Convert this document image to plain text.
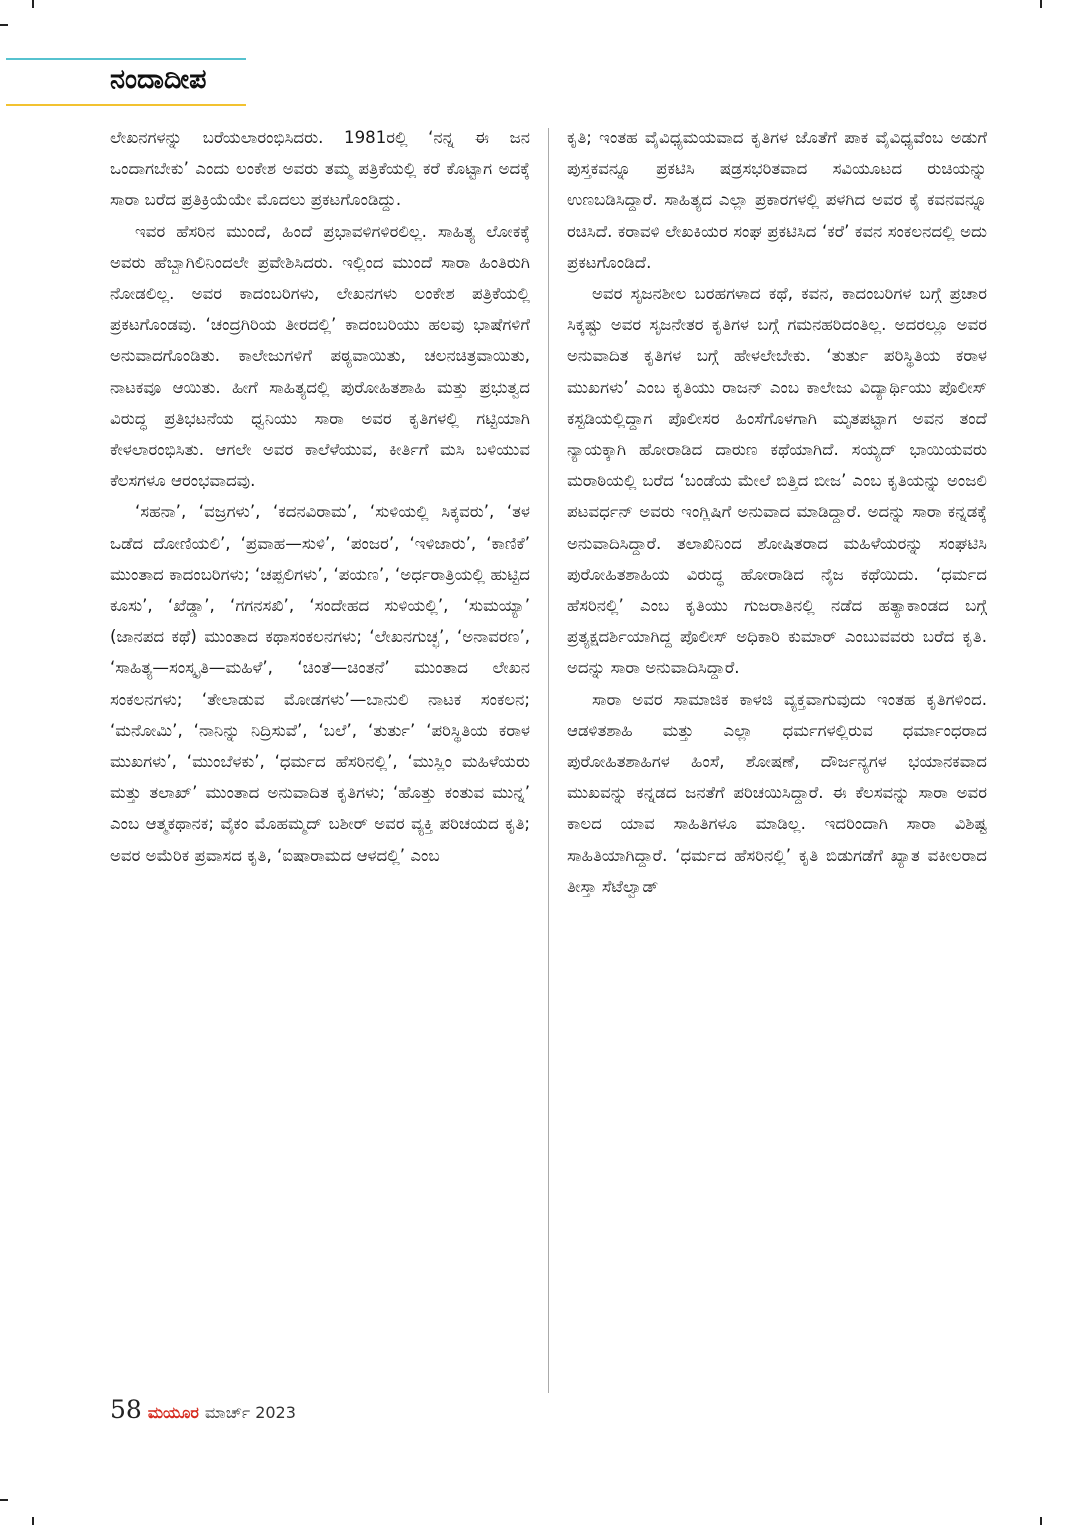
ನಂದಾದೀಪ

ಲೇಖನಗಳನ್ನು ಬರೆಯಲಾರಂಭಿಸಿದರು. 1981ರಲ್ಲಿ ‘ನನ್ನ ಈ ಜನ ಒಂದಾಗಬೇಕು’ ಎಂದು ಲಂಕೇಶ ಅವರು ತಮ್ಮ ಪತ್ರಿಕೆಯಲ್ಲಿ ಕರೆ ಕೊಟ್ಟಾಗ ಅದಕ್ಕೆ ಸಾರಾ ಬರೆದ ಪ್ರತಿಕ್ರಿಯೆಯೇ ಮೊದಲು ಪ್ರಕಟಗೊಂಡಿದ್ದು.

ಇವರ ಹೆಸರಿನ ಮುಂದೆ, ಹಿಂದೆ ಪ್ರಭಾವಳಿಗಳಿರಲಿಲ್ಲ. ಸಾಹಿತ್ಯ ಲೋಕಕ್ಕೆ ಅವರು ಹೆಬ್ಬಾಗಿಲಿನಿಂದಲೇ ಪ್ರವೇಶಿಸಿದರು. ಇಲ್ಲಿಂದ ಮುಂದೆ ಸಾರಾ ಹಿಂತಿರುಗಿ ನೋಡಲಿಲ್ಲ. ಅವರ ಕಾದಂಬರಿಗಳು, ಲೇಖನಗಳು ಲಂಕೇಶ ಪತ್ರಿಕೆಯಲ್ಲಿ ಪ್ರಕಟಗೊಂಡವು. ‘ಚಂದ್ರಗಿರಿಯ ತೀರದಲ್ಲಿ’ ಕಾದಂಬರಿಯು ಹಲವು ಭಾಷೆಗಳಿಗೆ ಅನುವಾದಗೊಂಡಿತು. ಕಾಲೇಜುಗಳಿಗೆ ಪಠ್ಯವಾಯಿತು, ಚಲನಚಿತ್ರವಾಯಿತು, ನಾಟಕವೂ ಆಯಿತು. ಹೀಗೆ ಸಾಹಿತ್ಯದಲ್ಲಿ ಪುರೋಹಿತಶಾಹಿ ಮತ್ತು ಪ್ರಭುತ್ವದ ವಿರುದ್ಧ ಪ್ರತಿಭಟನೆಯ ಧ್ವನಿಯು ಸಾರಾ ಅವರ ಕೃತಿಗಳಲ್ಲಿ ಗಟ್ಟಿಯಾಗಿ ಕೇಳಲಾರಂಭಿಸಿತು. ಆಗಲೇ ಅವರ ಕಾಲೆಳೆಯುವ, ಕೀರ್ತಿಗೆ ಮಸಿ ಬಳಿಯುವ ಕೆಲಸಗಳೂ ಆರಂಭವಾದವು.

‘ಸಹನಾ’, ‘ವಜ್ರಗಳು’, ‘ಕದನವಿರಾಮ’, ‘ಸುಳಿಯಲ್ಲಿ ಸಿಕ್ಕವರು’, ‘ತಳ ಒಡೆದ ದೋಣಿಯಲಿ’, ‘ಪ್ರವಾಹ—ಸುಳಿ’, ‘ಪಂಜರ’, ‘ಇಳಿಜಾರು’, ‘ಕಾಣಿಕೆ’ ಮುಂತಾದ ಕಾದಂಬರಿಗಳು; ‘ಚಪ್ಪಲಿಗಳು’, ‘ಪಯಣ’, ‘ಅರ್ಧರಾತ್ರಿಯಲ್ಲಿ ಹುಟ್ಟಿದ ಕೂಸು’, ‘ಖೆಡ್ಡಾ’, ‘ಗಗನಸಖಿ’, ‘ಸಂದೇಹದ ಸುಳಿಯಲ್ಲಿ’, ‘ಸುಮಯ್ಯಾ’ (ಜಾನಪದ ಕಥೆ) ಮುಂತಾದ ಕಥಾಸಂಕಲನಗಳು; ‘ಲೇಖನಗುಚ್ಛ’, ‘ಅನಾವರಣ’, ‘ಸಾಹಿತ್ಯ—ಸಂಸ್ಕೃತಿ—ಮಹಿಳೆ’, ‘ಚಿಂತೆ—ಚಿಂತನೆ’ ಮುಂತಾದ ಲೇಖನ ಸಂಕಲನಗಳು; ‘ತೇಲಾಡುವ ಮೋಡಗಳು’—ಬಾನುಲಿ ನಾಟಕ ಸಂಕಲನ; ‘ಮನೋಮಿ’, ‘ನಾನಿನ್ನು ನಿದ್ರಿಸುವೆ’, ‘ಬಲೆ’, ‘ತುರ್ತು’ ‘ಪರಿಸ್ಥಿತಿಯ ಕರಾಳ ಮುಖಗಳು’, ‘ಮುಂಬೆಳಕು’, ‘ಧರ್ಮದ ಹೆಸರಿನಲ್ಲಿ’, ‘ಮುಸ್ಲಿಂ ಮಹಿಳೆಯರು ಮತ್ತು ತಲಾಖ್’ ಮುಂತಾದ ಅನುವಾದಿತ ಕೃತಿಗಳು; ‘ಹೊತ್ತು ಕಂತುವ ಮುನ್ನ’ ಎಂಬ ಆತ್ಮಕಥಾನಕ; ವೈಕಂ ಮೊಹಮ್ಮದ್ ಬಶೀರ್ ಅವರ ವ್ಯಕ್ತಿ ಪರಿಚಯದ ಕೃತಿ; ಅವರ ಅಮೆರಿಕ ಪ್ರವಾಸದ ಕೃತಿ, ‘ಐಷಾರಾಮದ ಆಳದಲ್ಲಿ’ ಎಂಬ

ಕೃತಿ; ಇಂತಹ ವೈವಿಧ್ಯಮಯವಾದ ಕೃತಿಗಳ ಜೊತೆಗೆ ಪಾಕ ವೈವಿಧ್ಯವೆಂಬ ಅಡುಗೆ ಪುಸ್ತಕವನ್ನೂ ಪ್ರಕಟಿಸಿ ಷಡ್ರಸಭರಿತವಾದ ಸವಿಯೂಟದ ರುಚಿಯನ್ನು ಉಣಬಡಿಸಿದ್ದಾರೆ. ಸಾಹಿತ್ಯದ ಎಲ್ಲಾ ಪ್ರಕಾರಗಳಲ್ಲಿ ಪಳಗಿದ ಅವರ ಕೈ ಕವನವನ್ನೂ ರಚಿಸಿದೆ. ಕರಾವಳಿ ಲೇಖಕಿಯರ ಸಂಘ ಪ್ರಕಟಿಸಿದ ‘ಕರೆ’ ಕವನ ಸಂಕಲನದಲ್ಲಿ ಅದು ಪ್ರಕಟಗೊಂಡಿದೆ.

ಅವರ ಸೃಜನಶೀಲ ಬರಹಗಳಾದ ಕಥೆ, ಕವನ, ಕಾದಂಬರಿಗಳ ಬಗ್ಗೆ ಪ್ರಚಾರ ಸಿಕ್ಕಷ್ಟು ಅವರ ಸೃಜನೇತರ ಕೃತಿಗಳ ಬಗ್ಗೆ ಗಮನಹರಿದಂತಿಲ್ಲ. ಅದರಲ್ಲೂ ಅವರ ಅನುವಾದಿತ ಕೃತಿಗಳ ಬಗ್ಗೆ ಹೇಳಲೇಬೇಕು. ‘ತುರ್ತು ಪರಿಸ್ಥಿತಿಯ ಕರಾಳ ಮುಖಗಳು’ ಎಂಬ ಕೃತಿಯು ರಾಜನ್ ಎಂಬ ಕಾಲೇಜು ವಿದ್ಯಾರ್ಥಿಯು ಪೊಲೀಸ್ ಕಸ್ಟಡಿಯಲ್ಲಿದ್ದಾಗ ಪೊಲೀಸರ ಹಿಂಸೆಗೊಳಗಾಗಿ ಮೃತಪಟ್ಟಾಗ ಅವನ ತಂದೆ ನ್ಯಾಯಕ್ಕಾಗಿ ಹೋರಾಡಿದ ದಾರುಣ ಕಥೆಯಾಗಿದೆ. ಸಯ್ಯದ್ ಭಾಯಿಯವರು ಮರಾಠಿಯಲ್ಲಿ ಬರೆದ ‘ಬಂಡೆಯ ಮೇಲೆ ಬಿತ್ತಿದ ಬೀಜ’ ಎಂಬ ಕೃತಿಯನ್ನು ಅಂಜಲಿ ಪಟವರ್ಧನ್ ಅವರು ಇಂಗ್ಲಿಷಿಗೆ ಅನುವಾದ ಮಾಡಿದ್ದಾರೆ. ಅದನ್ನು ಸಾರಾ ಕನ್ನಡಕ್ಕೆ ಅನುವಾದಿಸಿದ್ದಾರೆ. ತಲಾಖಿನಿಂದ ಶೋಷಿತರಾದ ಮಹಿಳೆಯರನ್ನು ಸಂಘಟಿಸಿ ಪುರೋಹಿತಶಾಹಿಯ ವಿರುದ್ಧ ಹೋರಾಡಿದ ನೈಜ ಕಥೆಯಿದು. ‘ಧರ್ಮದ ಹೆಸರಿನಲ್ಲಿ’ ಎಂಬ ಕೃತಿಯು ಗುಜರಾತಿನಲ್ಲಿ ನಡೆದ ಹತ್ಯಾಕಾಂಡದ ಬಗ್ಗೆ ಪ್ರತ್ಯಕ್ಷದರ್ಶಿಯಾಗಿದ್ದ ಪೊಲೀಸ್ ಅಧಿಕಾರಿ ಕುಮಾರ್ ಎಂಬುವವರು ಬರೆದ ಕೃತಿ. ಅದನ್ನು ಸಾರಾ ಅನುವಾದಿಸಿದ್ದಾರೆ.

ಸಾರಾ ಅವರ ಸಾಮಾಜಿಕ ಕಾಳಜಿ ವ್ಯಕ್ತವಾಗುವುದು ಇಂತಹ ಕೃತಿಗಳಿಂದ. ಆಡಳಿತಶಾಹಿ ಮತ್ತು ಎಲ್ಲಾ ಧರ್ಮಗಳಲ್ಲಿರುವ ಧರ್ಮಾಂಧರಾದ ಪುರೋಹಿತಶಾಹಿಗಳ ಹಿಂಸೆ, ಶೋಷಣೆ, ದೌರ್ಜನ್ಯಗಳ ಭಯಾನಕವಾದ ಮುಖವನ್ನು ಕನ್ನಡದ ಜನತೆಗೆ ಪರಿಚಯಿಸಿದ್ದಾರೆ. ಈ ಕೆಲಸವನ್ನು ಸಾರಾ ಅವರ ಕಾಲದ ಯಾವ ಸಾಹಿತಿಗಳೂ ಮಾಡಿಲ್ಲ. ಇದರಿಂದಾಗಿ ಸಾರಾ ವಿಶಿಷ್ಟ ಸಾಹಿತಿಯಾಗಿದ್ದಾರೆ. ‘ಧರ್ಮದ ಹೆಸರಿನಲ್ಲಿ’ ಕೃತಿ ಬಿಡುಗಡೆಗೆ ಖ್ಯಾತ ವಕೀಲರಾದ ತೀಸ್ತಾ ಸೆಟೆಲ್ವಾಡ್

58 ಮಯೂರ ಮಾರ್ಚ್ 2023
